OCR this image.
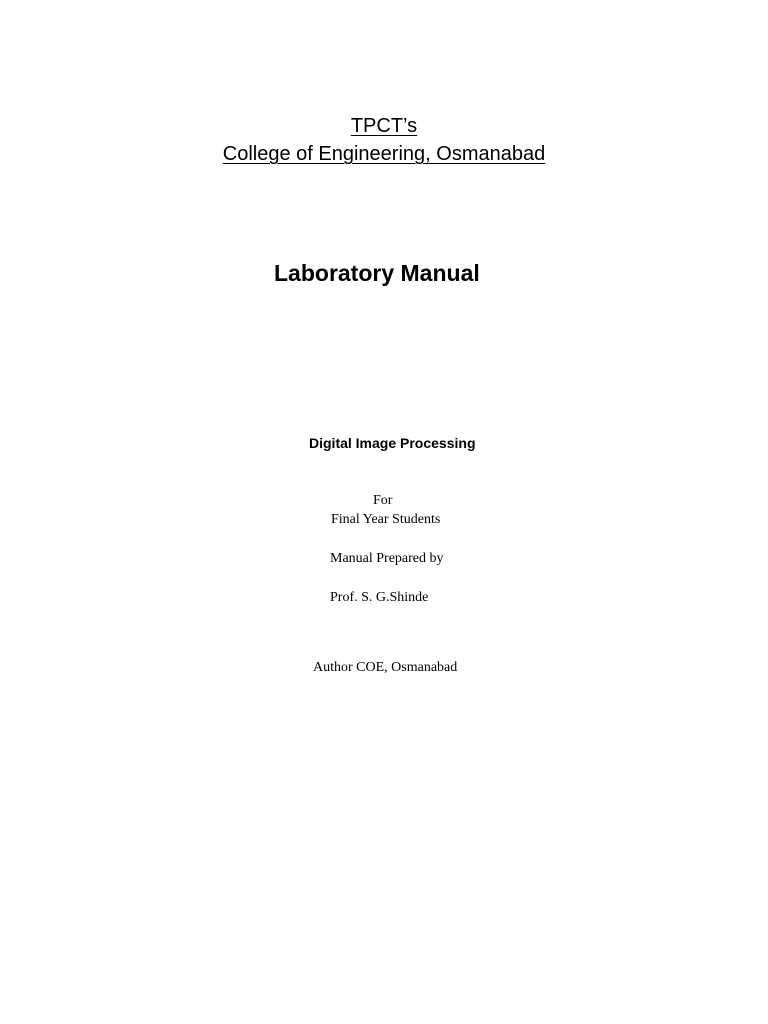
TPCT’s
College of Engineering, Osmanabad
Laboratory Manual
Digital Image Processing
For
Final Year Students
Manual Prepared by
Prof. S. G.Shinde
Author COE, Osmanabad
